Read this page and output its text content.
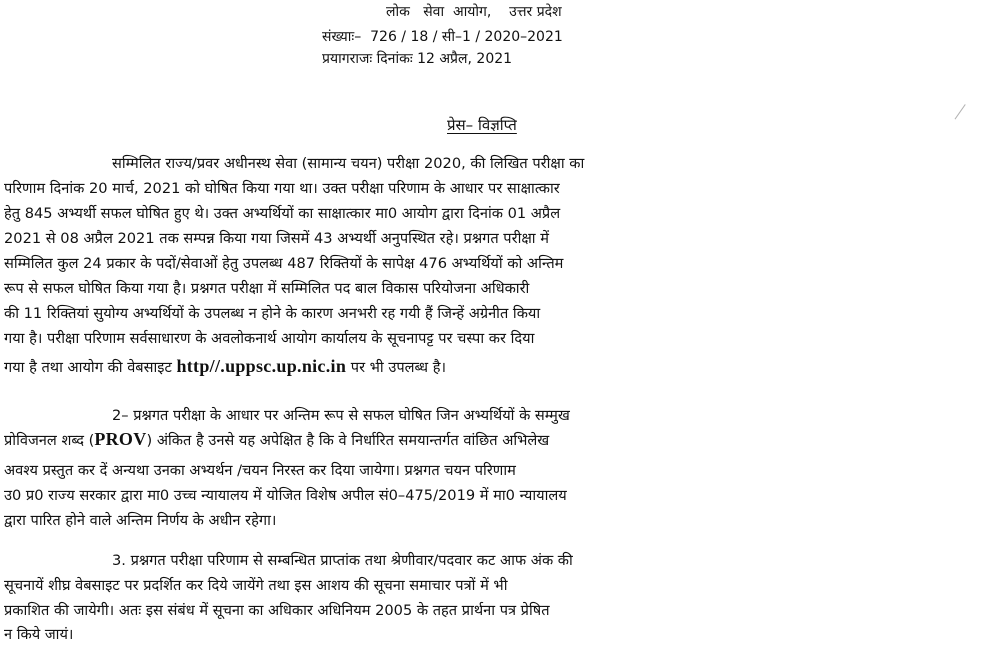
लोक   सेवा  आयोग,    उत्तर प्रदेश
संख्याः–  726 / 18 / सी–1 / 2020–2021
प्रयागराजः दिनांकः 12 अप्रैल, 2021
प्रेस– विज्ञप्ति
सम्मिलित राज्य/प्रवर अधीनस्थ सेवा (सामान्य चयन) परीक्षा 2020, की लिखित परीक्षा का
परिणाम दिनांक 20 मार्च, 2021 को घोषित किया गया था। उक्त परीक्षा परिणाम के आधार पर साक्षात्कार
हेतु 845 अभ्यर्थी सफल घोषित हुए थे। उक्त अभ्यर्थियों का साक्षात्कार मा0 आयोग द्वारा दिनांक 01 अप्रैल
2021 से 08 अप्रैल 2021 तक सम्पन्न किया गया जिसमें 43 अभ्यर्थी अनुपस्थित रहे। प्रश्नगत परीक्षा में
सम्मिलित कुल 24 प्रकार के पदों/सेवाओं हेतु उपलब्ध 487 रिक्तियों के सापेक्ष 476 अभ्यर्थियों को अन्तिम
रूप से सफल घोषित किया गया है। प्रश्नगत परीक्षा में सम्मिलित पद बाल विकास परियोजना अधिकारी
की 11 रिक्तियां सुयोग्य अभ्यर्थियों के उपलब्ध न होने के कारण अनभरी रह गयी हैं जिन्हें अग्रेनीत किया
गया है। परीक्षा परिणाम सर्वसाधारण के अवलोकनार्थ आयोग कार्यालय के सूचनापट्ट पर चस्पा कर दिया
गया है तथा आयोग की वेबसाइट http//.uppsc.up.nic.in पर भी उपलब्ध है।
2– प्रश्नगत परीक्षा के आधार पर अन्तिम रूप से सफल घोषित जिन अभ्यर्थियों के सम्मुख
प्रोविजनल शब्द (PROV) अंकित है उनसे यह अपेक्षित है कि वे निर्धारित समयान्तर्गत वांछित अभिलेख
अवश्य प्रस्तुत कर दें अन्यथा उनका अभ्यर्थन /चयन निरस्त कर दिया जायेगा। प्रश्नगत चयन परिणाम
उ0 प्र0 राज्य सरकार द्वारा मा0 उच्च न्यायालय में योजित विशेष अपील सं0–475/2019 में मा0 न्यायालय
द्वारा पारित होने वाले अन्तिम निर्णय के अधीन रहेगा।
3. प्रश्नगत परीक्षा परिणाम से सम्बन्धित प्राप्तांक तथा श्रेणीवार/पदवार कट आफ अंक की
सूचनायें शीघ्र वेबसाइट पर प्रदर्शित कर दिये जायेंगे तथा इस आशय की सूचना समाचार पत्रों में भी
प्रकाशित की जायेगी। अतः इस संबंध में सूचना का अधिकार अधिनियम 2005 के तहत प्रार्थना पत्र प्रेषित
न किये जायं।
